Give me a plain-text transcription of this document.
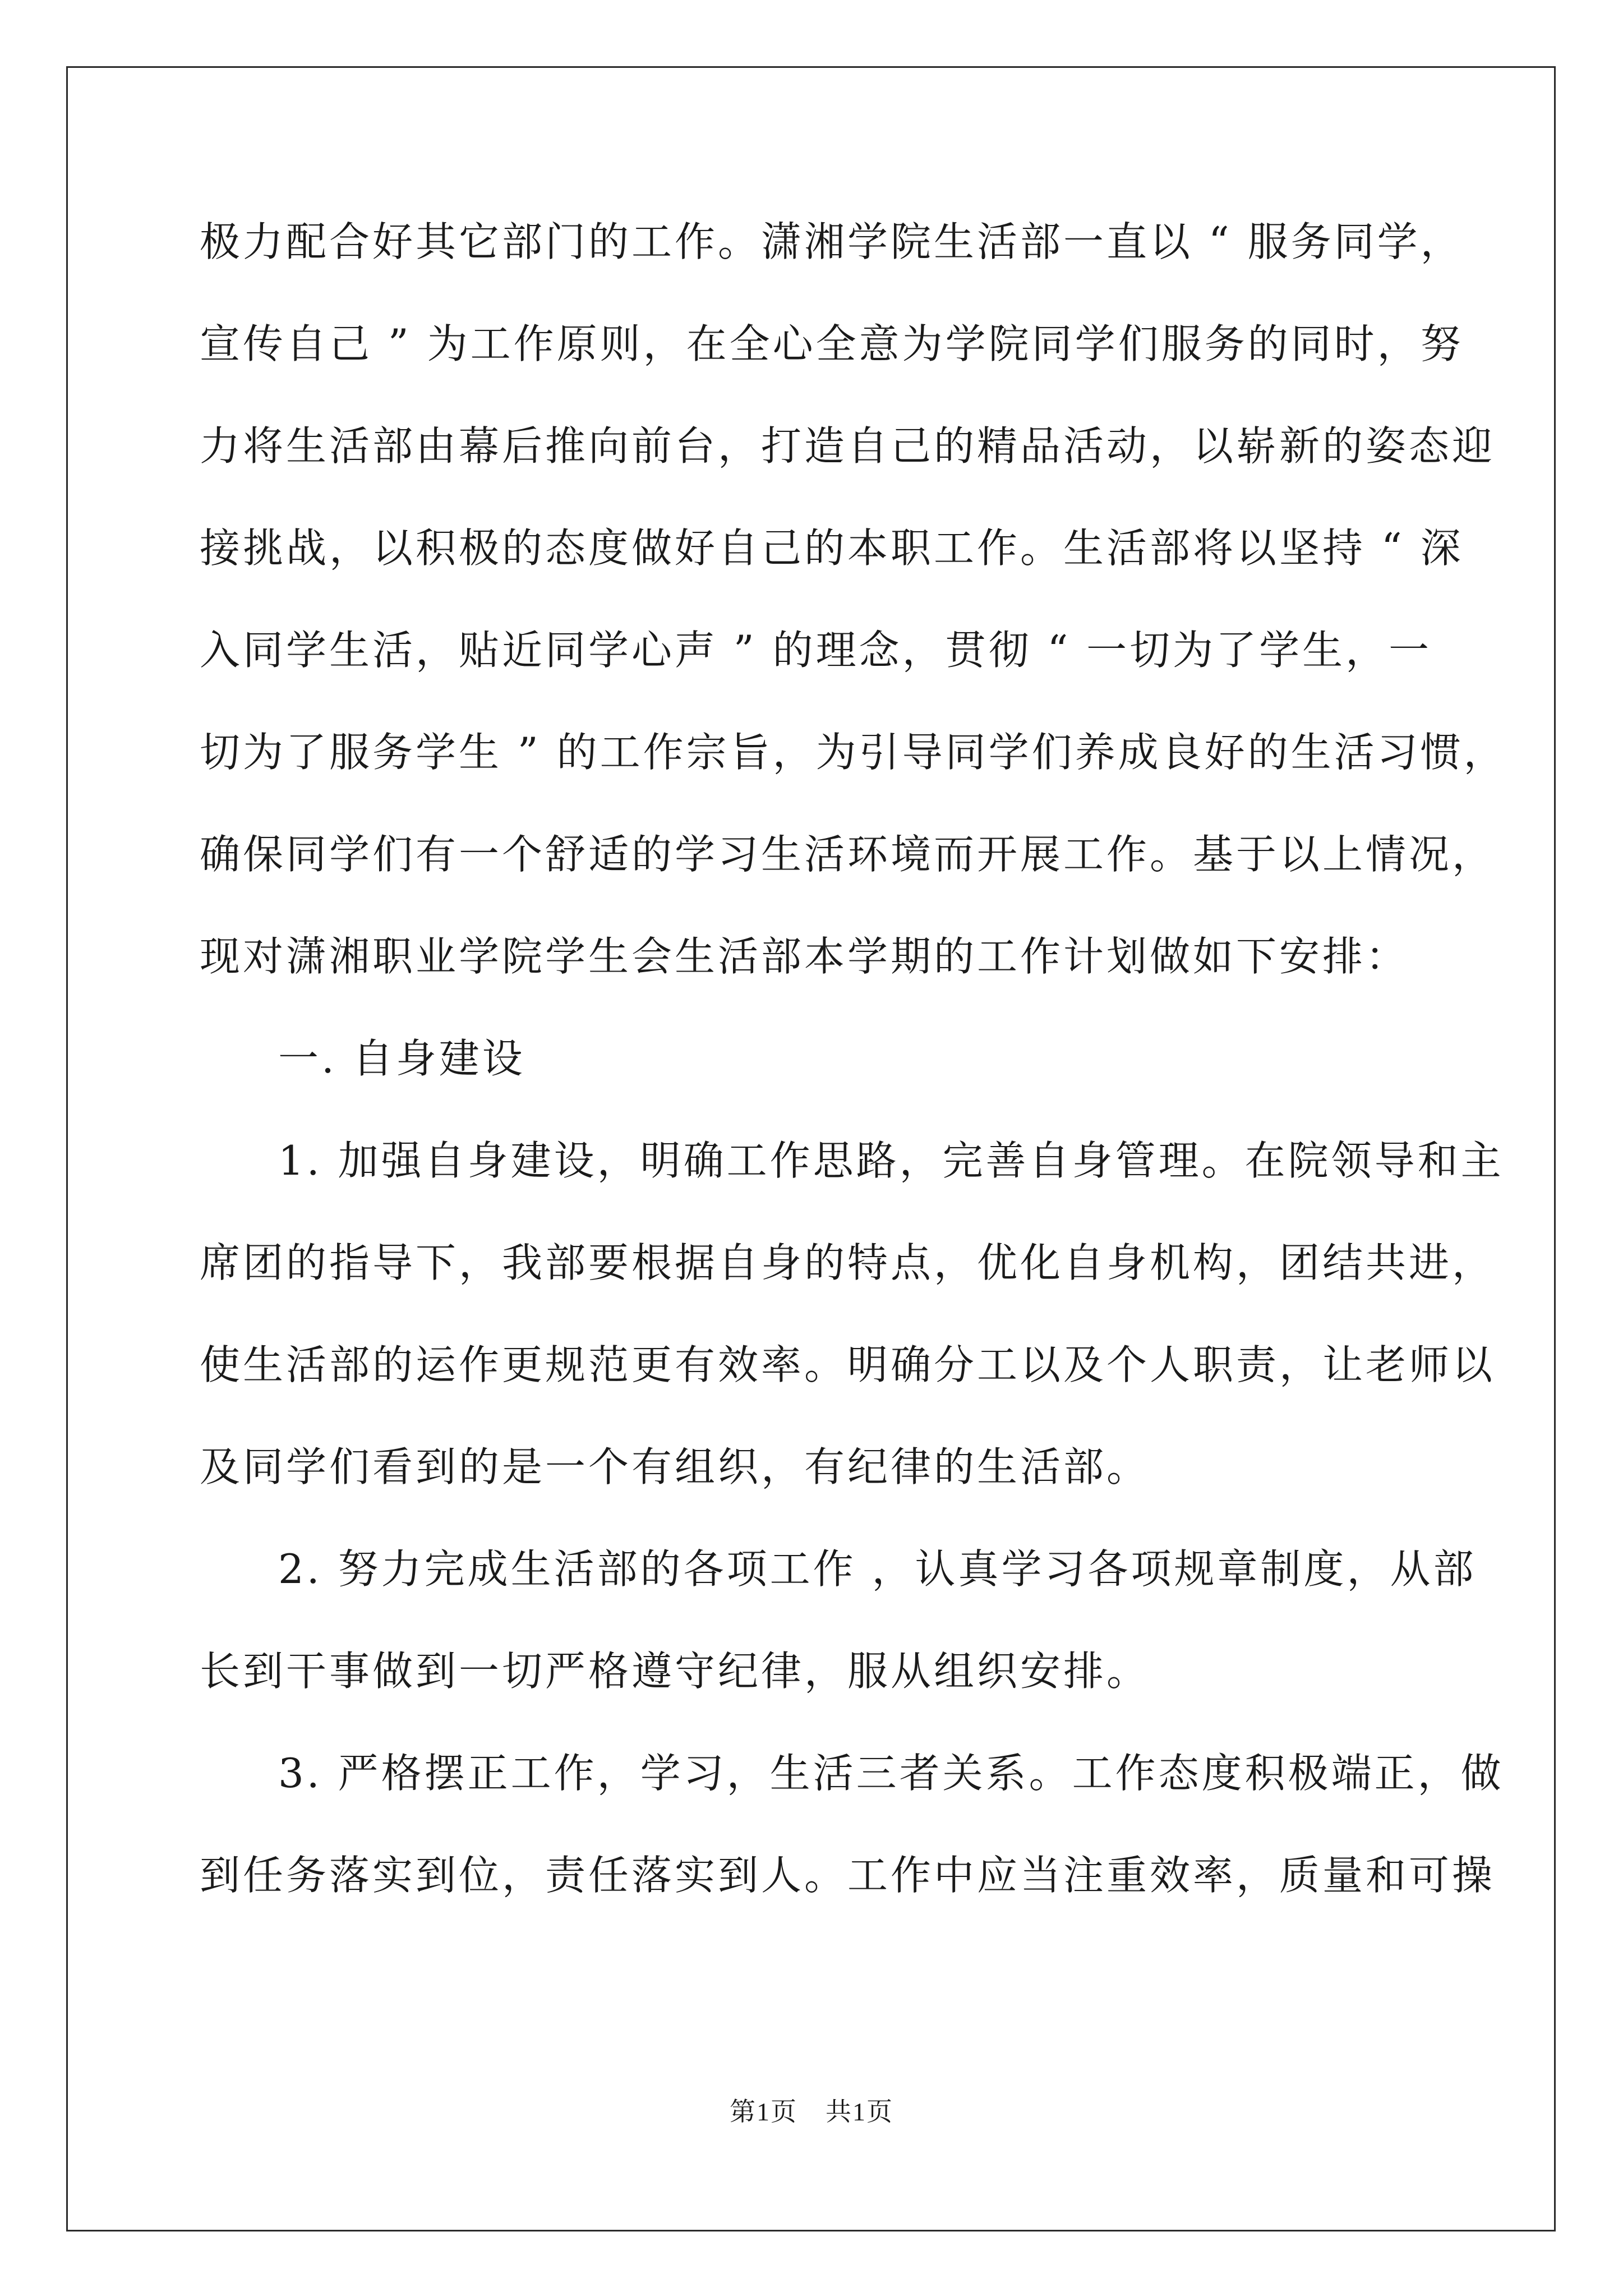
极力配合好其它部门的工作。潇湘学院生活部一直以 “ 服务同学，
宣传自己 ” 为工作原则，在全心全意为学院同学们服务的同时，努
力将生活部由幕后推向前台，打造自己的精品活动，以崭新的姿态迎
接挑战，以积极的态度做好自己的本职工作。生活部将以坚持 “ 深
入同学生活，贴近同学心声 ” 的理念，贯彻 “ 一切为了学生，一
切为了服务学生 ” 的工作宗旨，为引导同学们养成良好的生活习惯，
确保同学们有一个舒适的学习生活环境而开展工作。基于以上情况，
现对潇湘职业学院学生会生活部本学期的工作计划做如下安排：
一. 自身建设
1. 加强自身建设，明确工作思路，完善自身管理。在院领导和主
席团的指导下，我部要根据自身的特点，优化自身机构，团结共进，
使生活部的运作更规范更有效率。明确分工以及个人职责，让老师以
及同学们看到的是一个有组织，有纪律的生活部。
2. 努力完成生活部的各项工作 ，认真学习各项规章制度，从部
长到干事做到一切严格遵守纪律，服从组织安排。
3. 严格摆正工作，学习，生活三者关系。工作态度积极端正，做
到任务落实到位，责任落实到人。工作中应当注重效率，质量和可操
第1页 共1页
